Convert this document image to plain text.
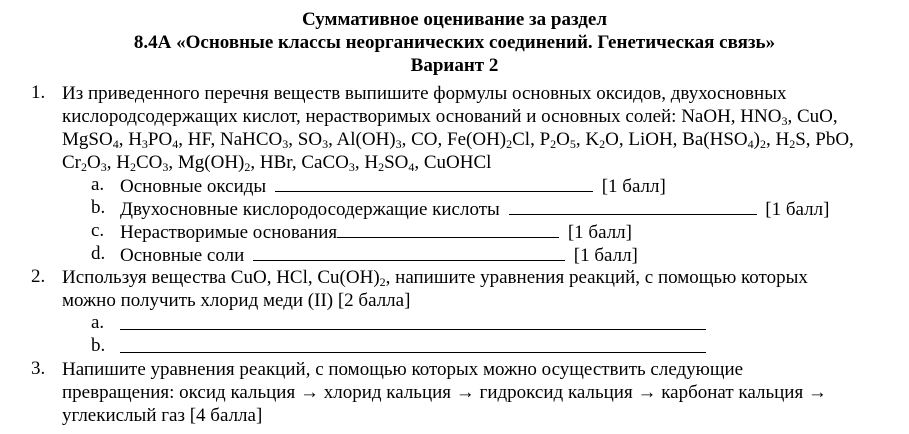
Суммативное оценивание за раздел
8.4А «Основные классы неорганических соединений. Генетическая связь»
Вариант 2
1. Из приведенного перечня веществ выпишите формулы основных оксидов, двухосновных
кислородсодержащих кислот, нерастворимых оснований и основных солей: NaOH, $HNO_3$, CuO,
MgSO$_4$, $H_3PO_4$, HF, NaHCO$_3$, $SO_3$, $Al(OH)_3$, CO, $Fe(OH)_2Cl$, $P_2O_5$, $K_2O$, LiOH, $Ba(HSO_4)_2$, $H_2S$, PbO,
$Cr_2O_3$, $H_2CO_3$, $Mg(OH)_2$, HBr, CaCO$_3$, $H_2SO_4$, CuOHCl
a. Основные оксиды	[1 балл]
b. Двухосновные кислородосодержащие кислоты	[1 балл]
c. Нерастворимые основания	[1 балл]
d. Основные соли	[1 балл]
2. Используя вещества CuO, HCl, $Cu(OH)_2$, напишите уравнения реакций, с помощью которых
можно получить хлорид меди (II) [2 балла]
a.
b.
3. Напишите уравнения реакций, с помощью которых можно осуществить следующие
превращения: оксид кальция → хлорид кальция → гидроксид кальция → карбонат кальция →
углекислый газ [4 балла]
